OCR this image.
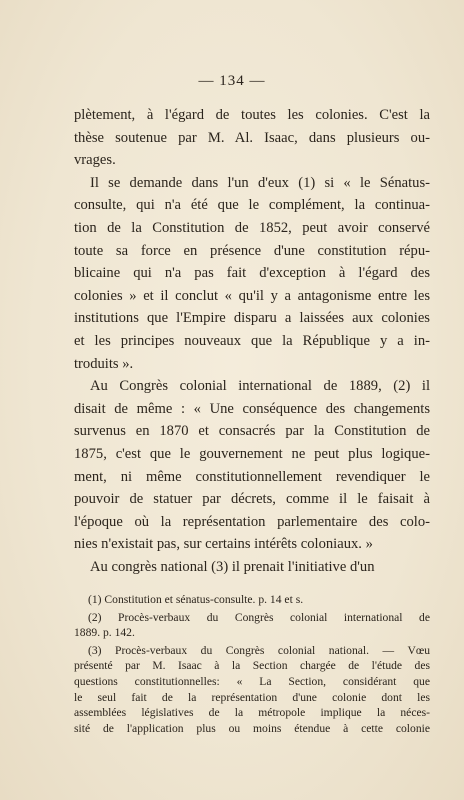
— 134 —
plètement, à l'égard de toutes les colonies. C'est la
thèse soutenue par M. Al. Isaac, dans plusieurs ou-
vrages.
Il se demande dans l'un d'eux (1) si « le Sénatus-
consulte, qui n'a été que le complément, la continua-
tion de la Constitution de 1852, peut avoir conservé
toute sa force en présence d'une constitution répu-
blicaine qui n'a pas fait d'exception à l'égard des
colonies » et il conclut « qu'il y a antagonisme entre les
institutions que l'Empire disparu a laissées aux colonies
et les principes nouveaux que la République y a in-
troduits ».
Au Congrès colonial international de 1889, (2) il
disait de même : « Une conséquence des changements
survenus en 1870 et consacrés par la Constitution de
1875, c'est que le gouvernement ne peut plus logique-
ment, ni même constitutionnellement revendiquer le
pouvoir de statuer par décrets, comme il le faisait à
l'époque où la représentation parlementaire des colo-
nies n'existait pas, sur certains intérêts coloniaux. »
Au congrès national (3) il prenait l'initiative d'un
(1) Constitution et sénatus-consulte. p. 14 et s.
(2) Procès-verbaux du Congrès colonial international de
1889. p. 142.
(3) Procès-verbaux du Congrès colonial national. — Vœu
présenté par M. Isaac à la Section chargée de l'étude des
questions constitutionnelles: « La Section, considérant que
le seul fait de la représentation d'une colonie dont les
assemblées législatives de la métropole implique la néces-
sité de l'application plus ou moins étendue à cette colonie
